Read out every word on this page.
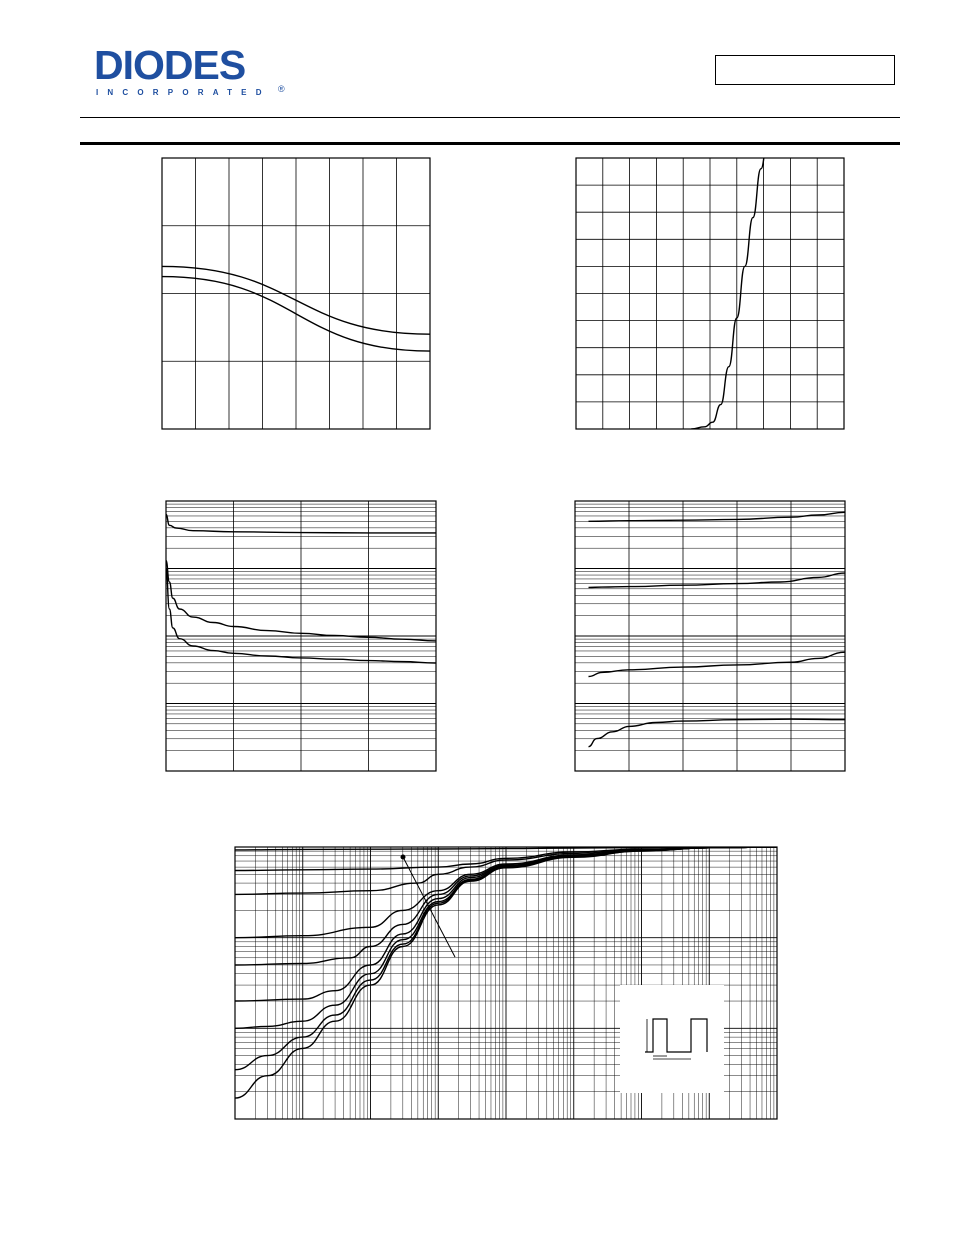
DIODES
INCORPORATED ®
